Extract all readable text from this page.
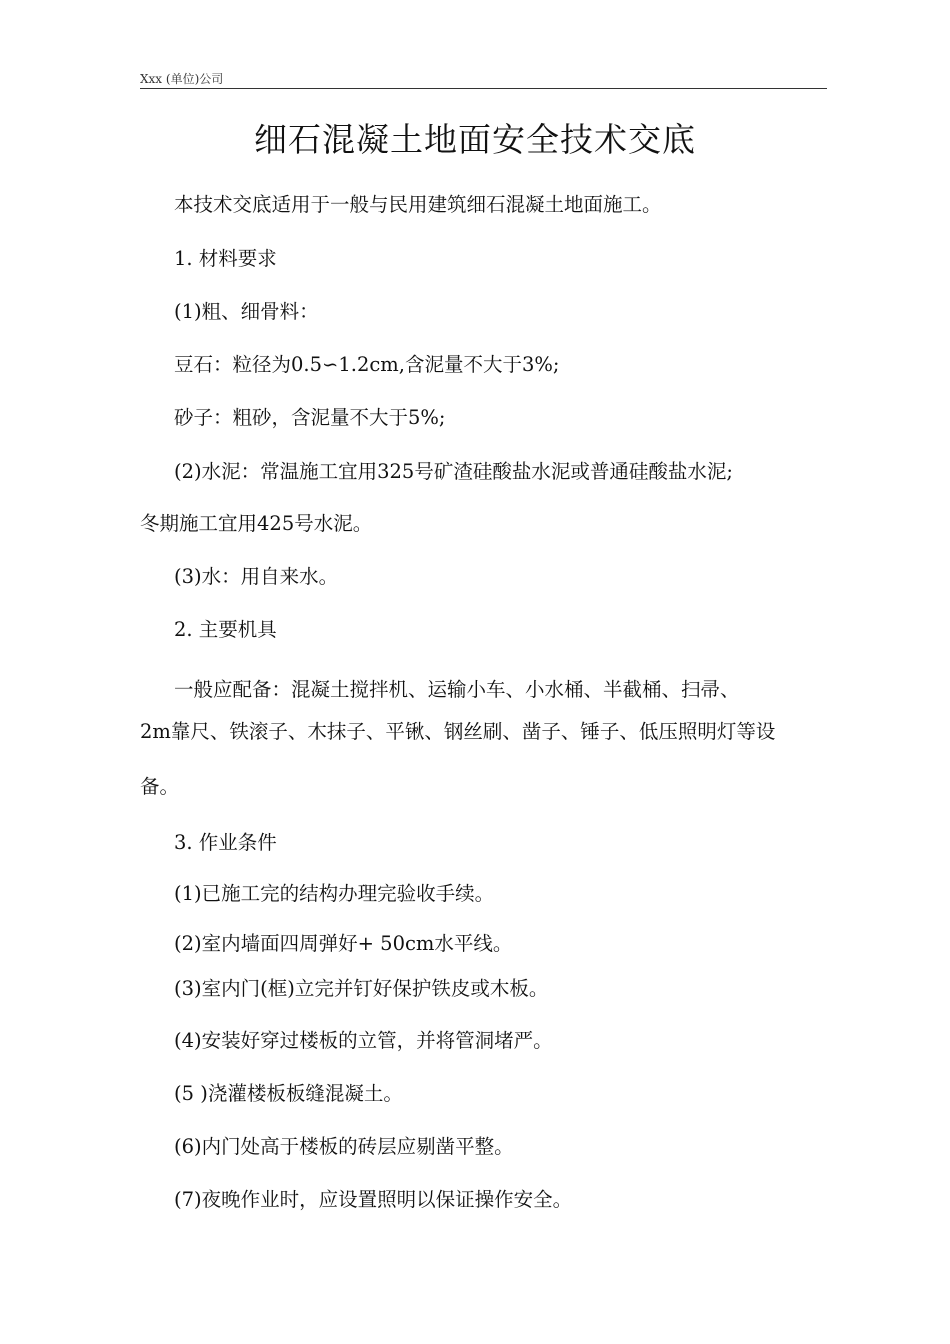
Xxx (单位)公司
细石混凝土地面安全技术交底
本技术交底适用于一般与民用建筑细石混凝土地面施工。
1. 材料要求
(1)粗、细骨料：
豆石：粒径为0.5∽1.2cm,含泥量不大于3%;
砂子：粗砂，含泥量不大于5%;
(2)水泥：常温施工宜用325号矿渣硅酸盐水泥或普通硅酸盐水泥;
冬期施工宜用425号水泥。
(3)水：用自来水。
2. 主要机具
一般应配备：混凝土搅拌机、运输小车、小水桶、半截桶、扫帚、
2m靠尺、铁滚子、木抹子、平锹、钢丝刷、凿子、锤子、低压照明灯等设
备。
3. 作业条件
(1)已施工完的结构办理完验收手续。
(2)室内墙面四周弹好+ 50cm水平线。
(3)室内门(框)立完并钉好保护铁皮或木板。
(4)安装好穿过楼板的立管，并将管洞堵严。
(5 )浇灌楼板板缝混凝土。
(6)内门处高于楼板的砖层应剔凿平整。
(7)夜晚作业时，应设置照明以保证操作安全。
